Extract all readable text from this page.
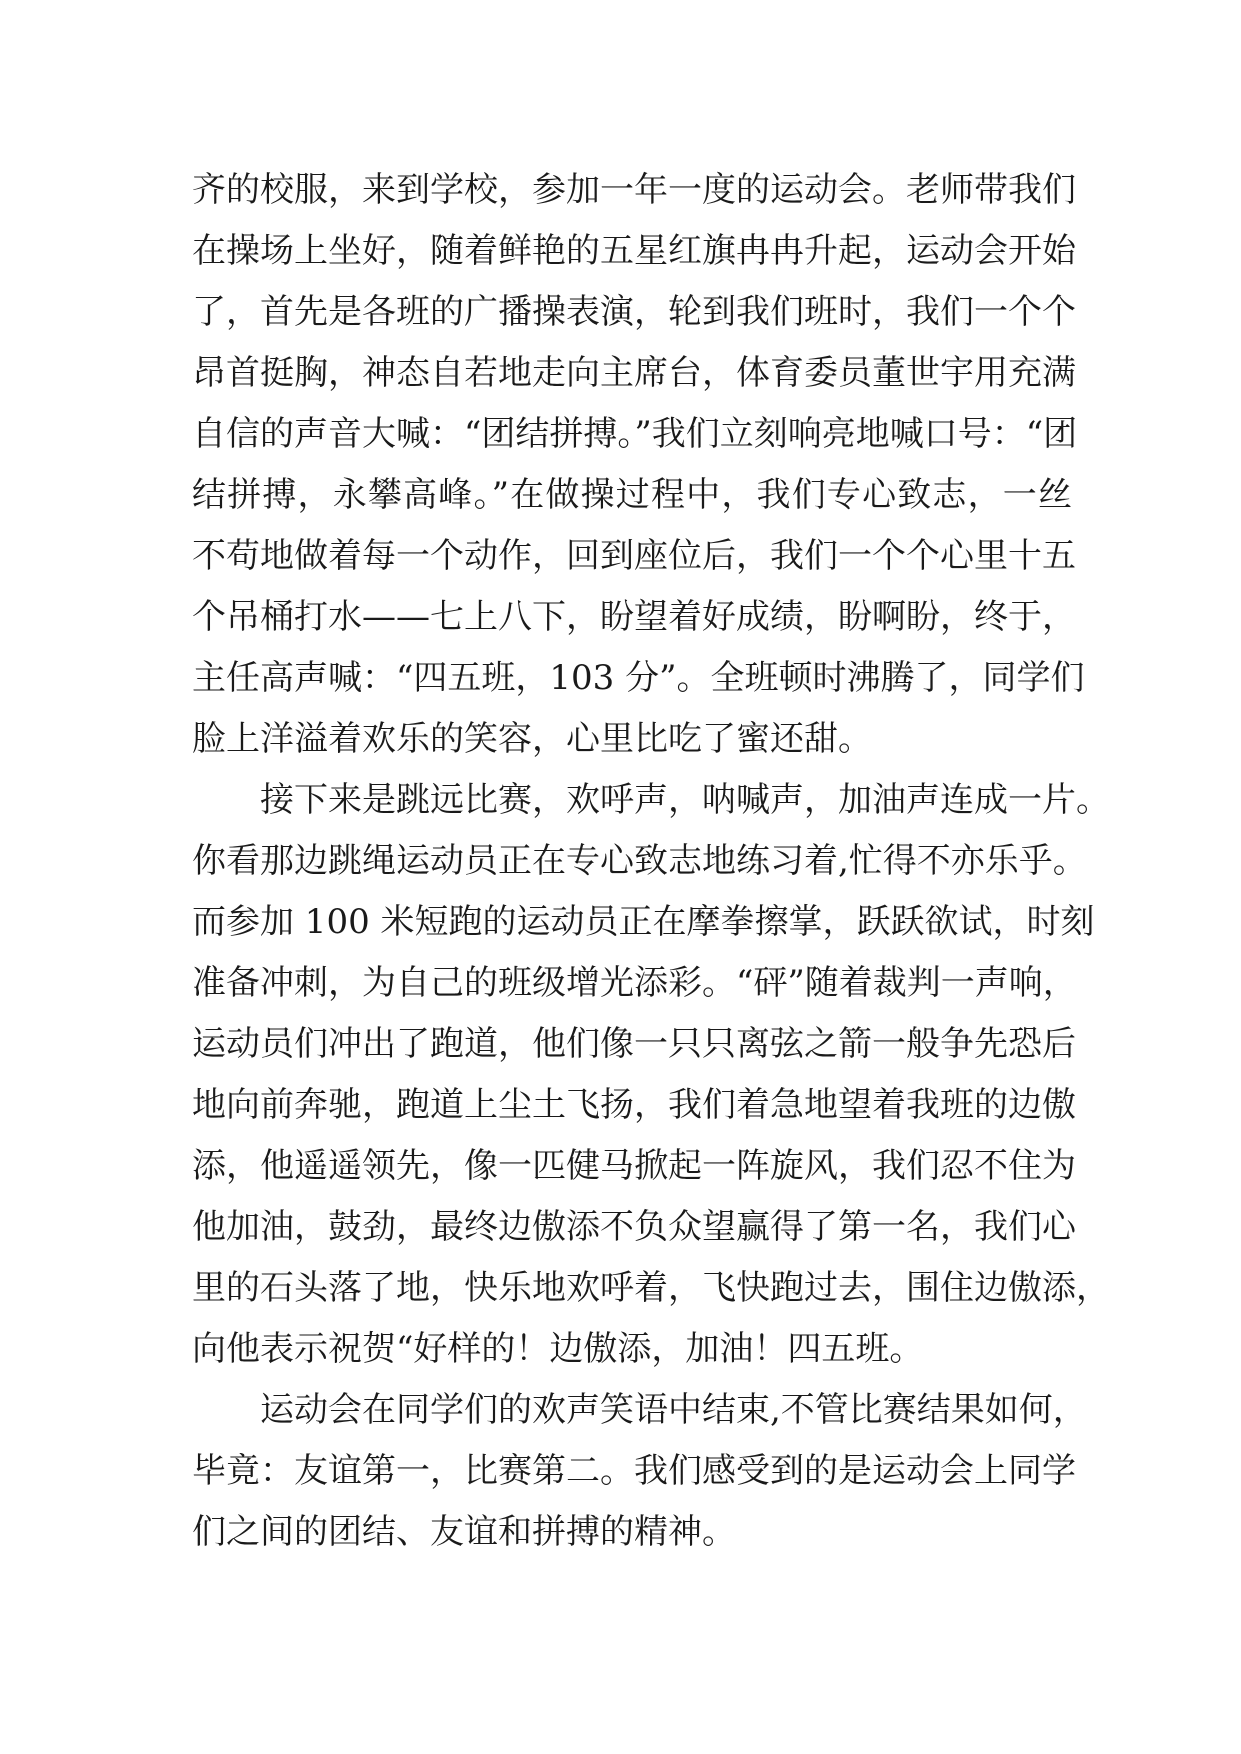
齐的校服，来到学校，参加一年一度的运动会。老师带我们
在操场上坐好，随着鲜艳的五星红旗冉冉升起，运动会开始
了，首先是各班的广播操表演，轮到我们班时，我们一个个
昂首挺胸，神态自若地走向主席台，体育委员董世宇用充满
自信的声音大喊：“团结拼搏。”我们立刻响亮地喊口号：“团
结拼搏，永攀高峰。”在做操过程中，我们专心致志，一丝
不苟地做着每一个动作，回到座位后，我们一个个心里十五
个吊桶打水——七上八下，盼望着好成绩，盼啊盼，终于，
主任高声喊：“四五班，103 分”。全班顿时沸腾了，同学们
脸上洋溢着欢乐的笑容，心里比吃了蜜还甜。
接下来是跳远比赛，欢呼声，呐喊声，加油声连成一片。
你看那边跳绳运动员正在专心致志地练习着,忙得不亦乐乎。
而参加 100 米短跑的运动员正在摩拳擦掌，跃跃欲试，时刻
准备冲刺，为自己的班级增光添彩。“砰”随着裁判一声响，
运动员们冲出了跑道，他们像一只只离弦之箭一般争先恐后
地向前奔驰，跑道上尘土飞扬，我们着急地望着我班的边傲
添，他遥遥领先，像一匹健马掀起一阵旋风，我们忍不住为
他加油，鼓劲，最终边傲添不负众望赢得了第一名，我们心
里的石头落了地，快乐地欢呼着，飞快跑过去，围住边傲添，
向他表示祝贺“好样的！边傲添，加油！四五班。
运动会在同学们的欢声笑语中结束,不管比赛结果如何，
毕竟：友谊第一，比赛第二。我们感受到的是运动会上同学
们之间的团结、友谊和拼搏的精神。
